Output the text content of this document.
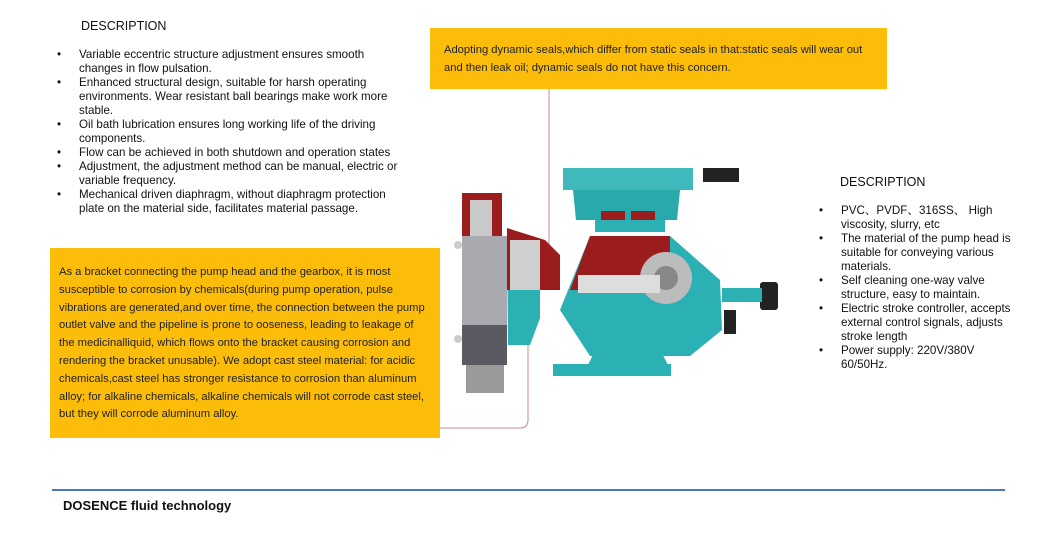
DESCRIPTION
• Variable eccentric structure adjustment ensures smooth changes in flow pulsation.
• Enhanced structural design, suitable for harsh operating environments. Wear resistant ball bearings make work more stable.
• Oil bath lubrication ensures long working life of the driving components.
• Flow can be achieved in both shutdown and operation states
• Adjustment, the adjustment method can be manual, electric or variable frequency.
• Mechanical driven diaphragm, without diaphragm protection plate on the material side, facilitates material passage.
DESCRIPTION
• PVC、PVDF、316SS、 High viscosity, slurry, etc
• The material of the pump head is suitable for conveying various materials.
• Self cleaning one-way valve structure, easy to maintain.
• Electric stroke controller, accepts external control signals, adjusts stroke length
• Power supply: 220V/380V 60/50Hz.
Adopting dynamic seals,which differ from static seals in that:static seals will wear out and then leak oil; dynamic seals do not have this concern.
As a bracket connecting the pump head and the gearbox, it is most susceptible to corrosion by chemicals(during pump operation, pulse vibrations are generated,and over time, the connection between the pump outlet valve and the pipeline is prone to ooseness, leading to leakage of the medicinalliquid, which flows onto the bracket causing corrosion and rendering the bracket unusable). We adopt cast steel material: for acidic chemicals,cast steel has stronger resistance to corrosion than aluminum alloy; for alkaline chemicals, alkaline chemicals will not corrode cast steel, but they will corrode aluminum alloy.
DOSENCE fluid technology
